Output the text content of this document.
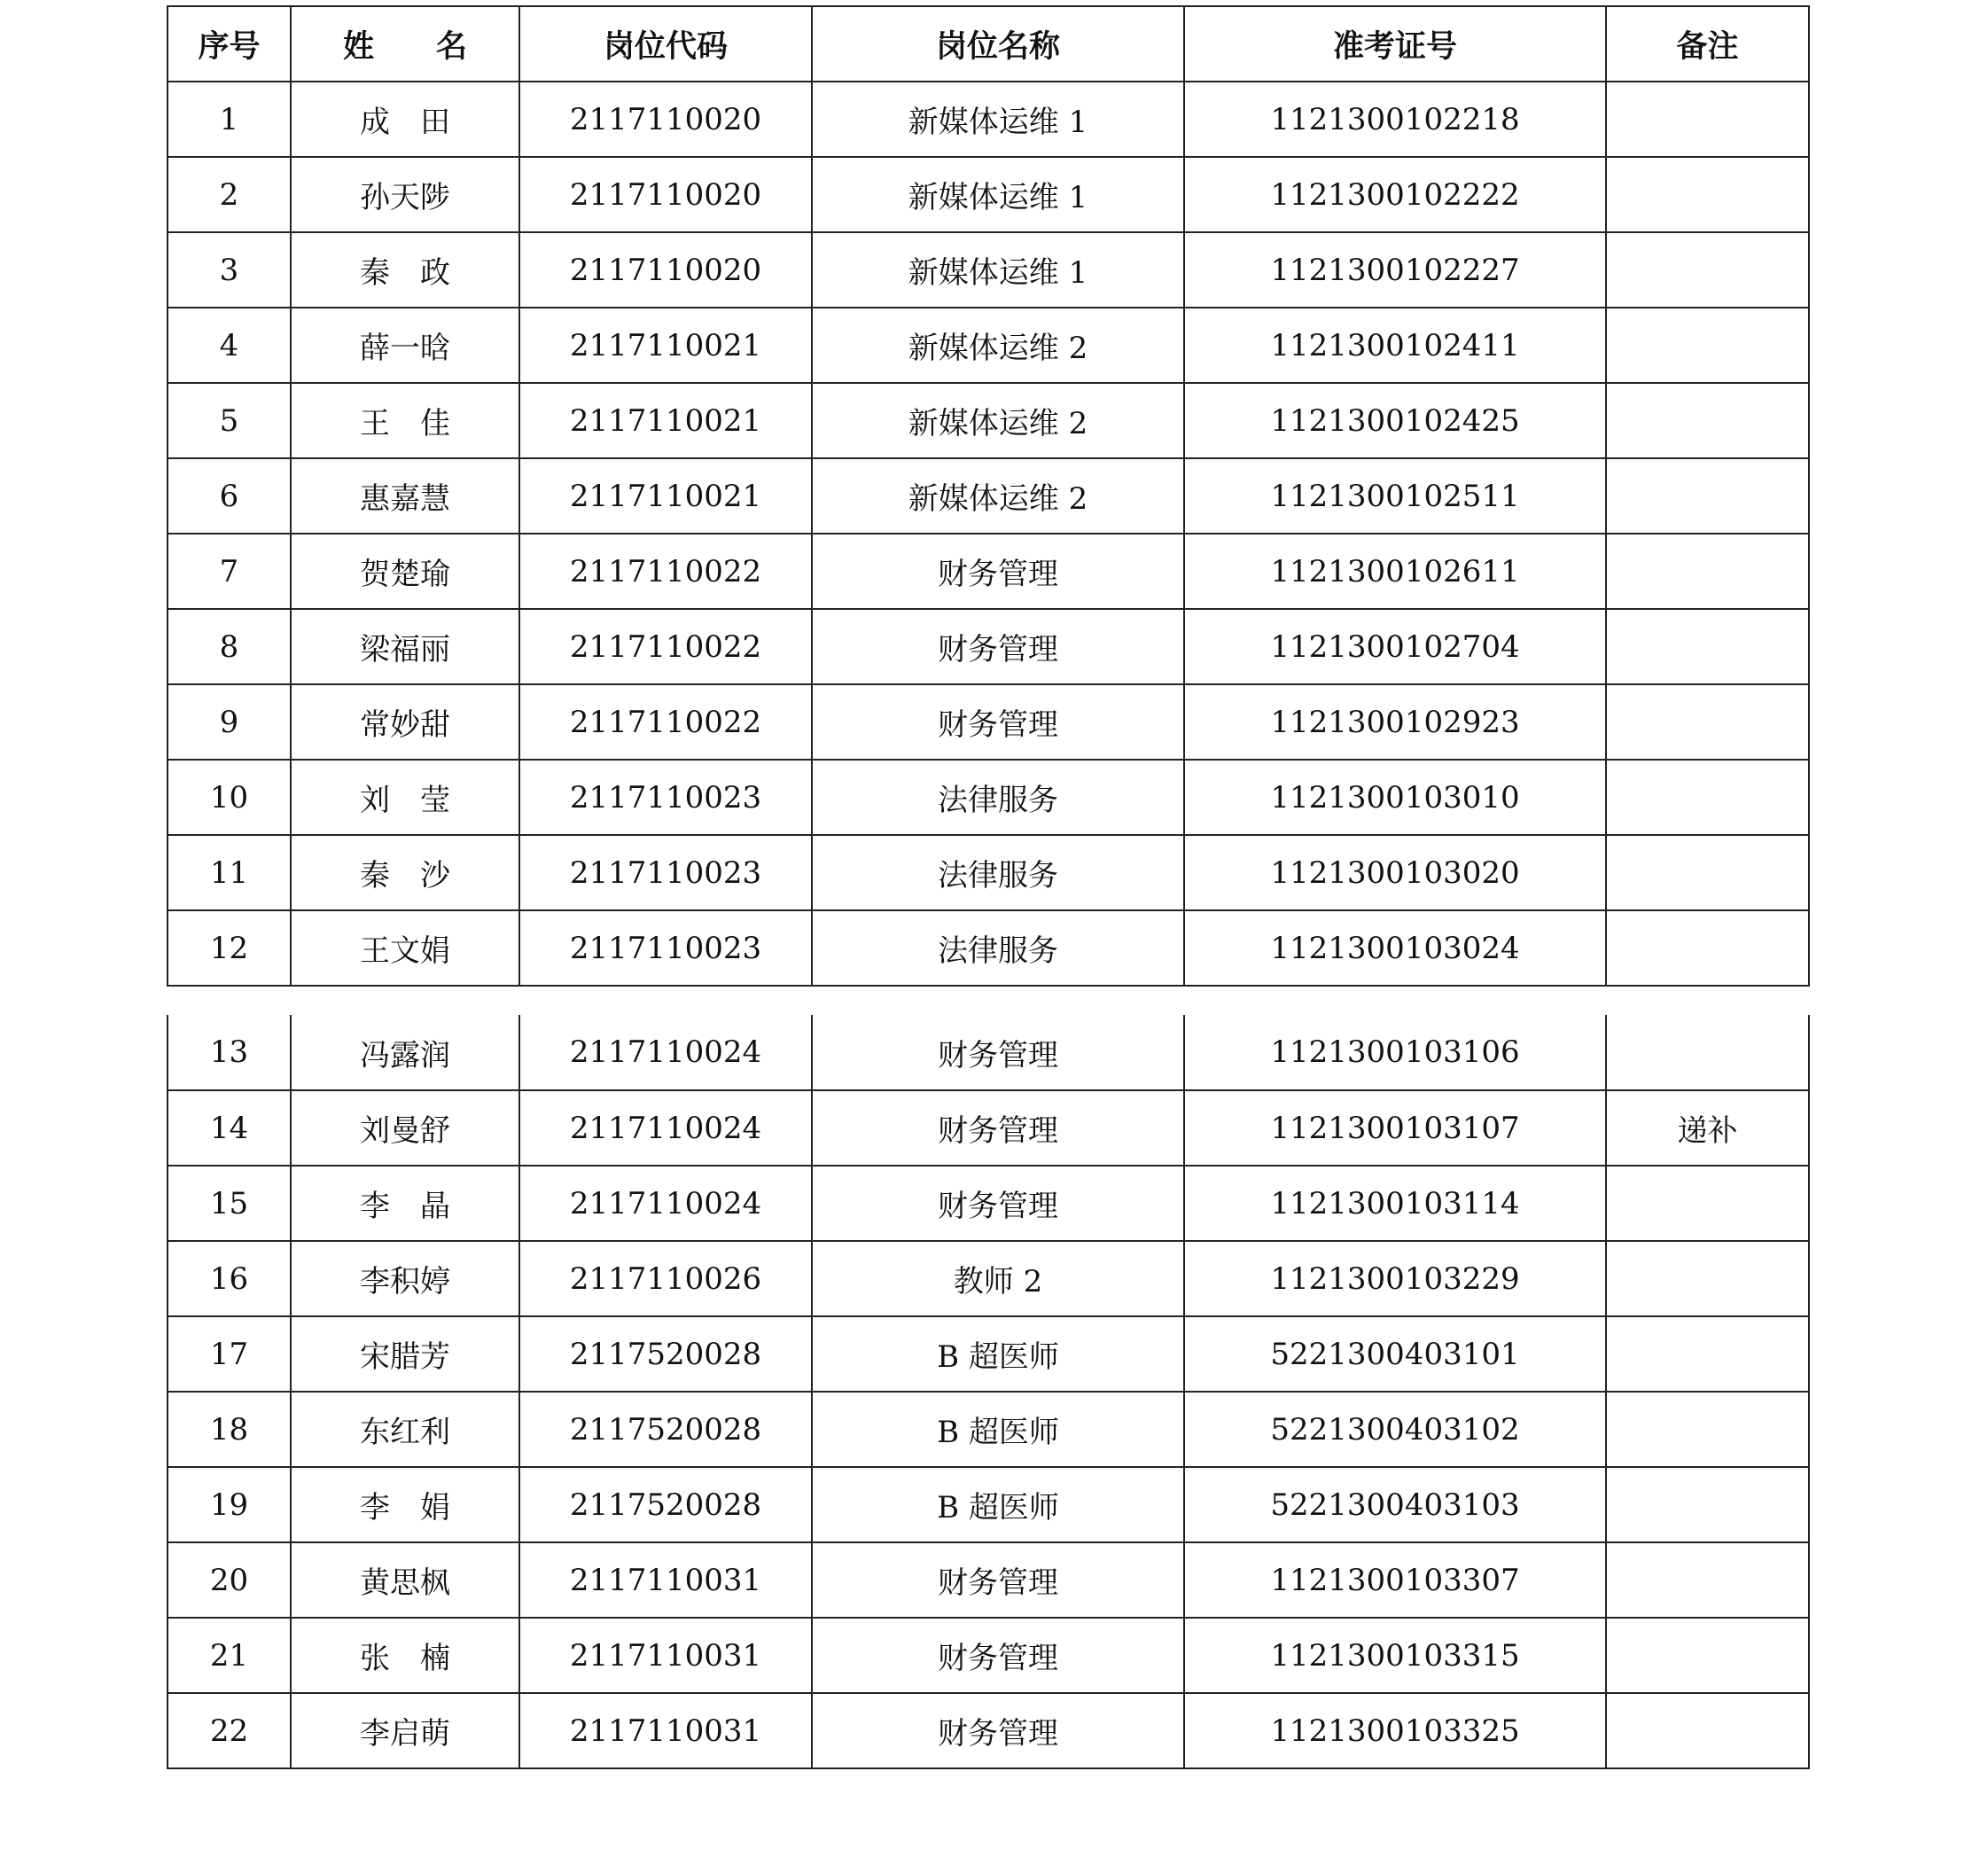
序号	姓　　名	岗位代码	岗位名称	准考证号	备注
1	成　田	2117110020	新媒体运维 1	1121300102218	
2	孙天陟	2117110020	新媒体运维 1	1121300102222	
3	秦　政	2117110020	新媒体运维 1	1121300102227	
4	薛一晗	2117110021	新媒体运维 2	1121300102411	
5	王　佳	2117110021	新媒体运维 2	1121300102425	
6	惠嘉慧	2117110021	新媒体运维 2	1121300102511	
7	贺楚瑜	2117110022	财务管理	1121300102611	
8	梁福丽	2117110022	财务管理	1121300102704	
9	常妙甜	2117110022	财务管理	1121300102923	
10	刘　莹	2117110023	法律服务	1121300103010	
11	秦　沙	2117110023	法律服务	1121300103020	
12	王文娟	2117110023	法律服务	1121300103024	
13	冯露润	2117110024	财务管理	1121300103106	
14	刘曼舒	2117110024	财务管理	1121300103107	递补
15	李　晶	2117110024	财务管理	1121300103114	
16	李积婷	2117110026	教师 2	1121300103229	
17	宋腊芳	2117520028	B 超医师	5221300403101	
18	东红利	2117520028	B 超医师	5221300403102	
19	李　娟	2117520028	B 超医师	5221300403103	
20	黄思枫	2117110031	财务管理	1121300103307	
21	张　楠	2117110031	财务管理	1121300103315	
22	李启萌	2117110031	财务管理	1121300103325	
